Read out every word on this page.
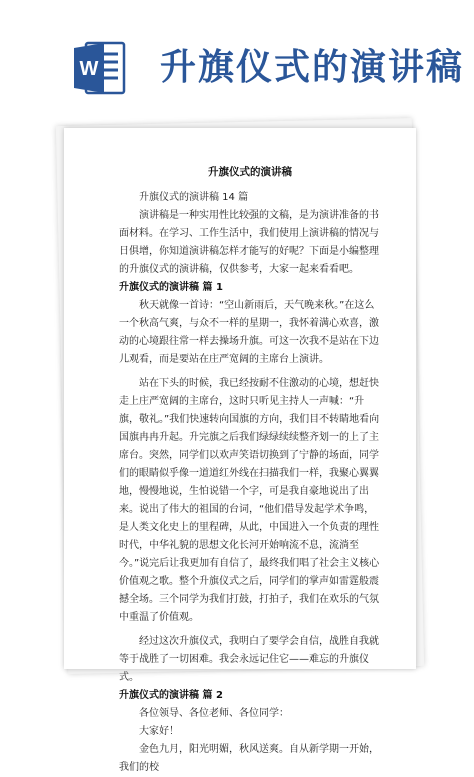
W 升旗仪式的演讲稿
升旗仪式的演讲稿

升旗仪式的演讲稿 14 篇

演讲稿是一种实用性比较强的文稿，是为演讲准备的书面材料。在学习、工作生活中，我们使用上演讲稿的情况与日俱增，你知道演讲稿怎样才能写的好呢？下面是小编整理的升旗仪式的演讲稿，仅供参考，大家一起来看看吧。

升旗仪式的演讲稿 篇 1

秋天就像一首诗：“空山新雨后，天气晚来秋。”在这么一个秋高气爽，与众不一样的星期一，我怀着满心欢喜，激动的心境跟往常一样去操场升旗。可这一次我不是站在下边儿观看，而是要站在庄严宽阔的主席台上演讲。

站在下头的时候，我已经按耐不住激动的心境，想赶快走上庄严宽阔的主席台，这时只听见主持人一声喊：“升旗，敬礼。”我们快速转向国旗的方向，我们目不转睛地看向国旗冉冉升起。升完旗之后我们绿绿续续整齐划一的上了主席台。突然，同学们以欢声笑语切换到了宁静的场面，同学们的眼睛似乎像一道道红外线在扫描我们一样，我聚心翼翼地，慢慢地说，生怕说错一个字，可是我自豪地说出了出来。说出了伟大的祖国的台词，“他们借导发起学术争鸣，是人类文化史上的里程碑，从此，中国进入一个负责的理性时代，中华礼貌的思想文化长河开始响流不息，流淌至今。”说完后让我更加有自信了，最终我们唱了社会主义核心价值观之歌。整个升旗仪式之后，同学们的掌声如雷霆般震撼全场。三个同学为我们打鼓，打拍子，我们在欢乐的气氛中重温了价值观。

经过这次升旗仪式，我明白了要学会自信，战胜自我就等于战胜了一切困难。我会永远记住它——难忘的升旗仪式。

升旗仪式的演讲稿 篇 2

各位领导、各位老师、各位同学：

大家好！

金色九月，阳光明媚，秋风送爽。自从新学期一开始，我们的校
